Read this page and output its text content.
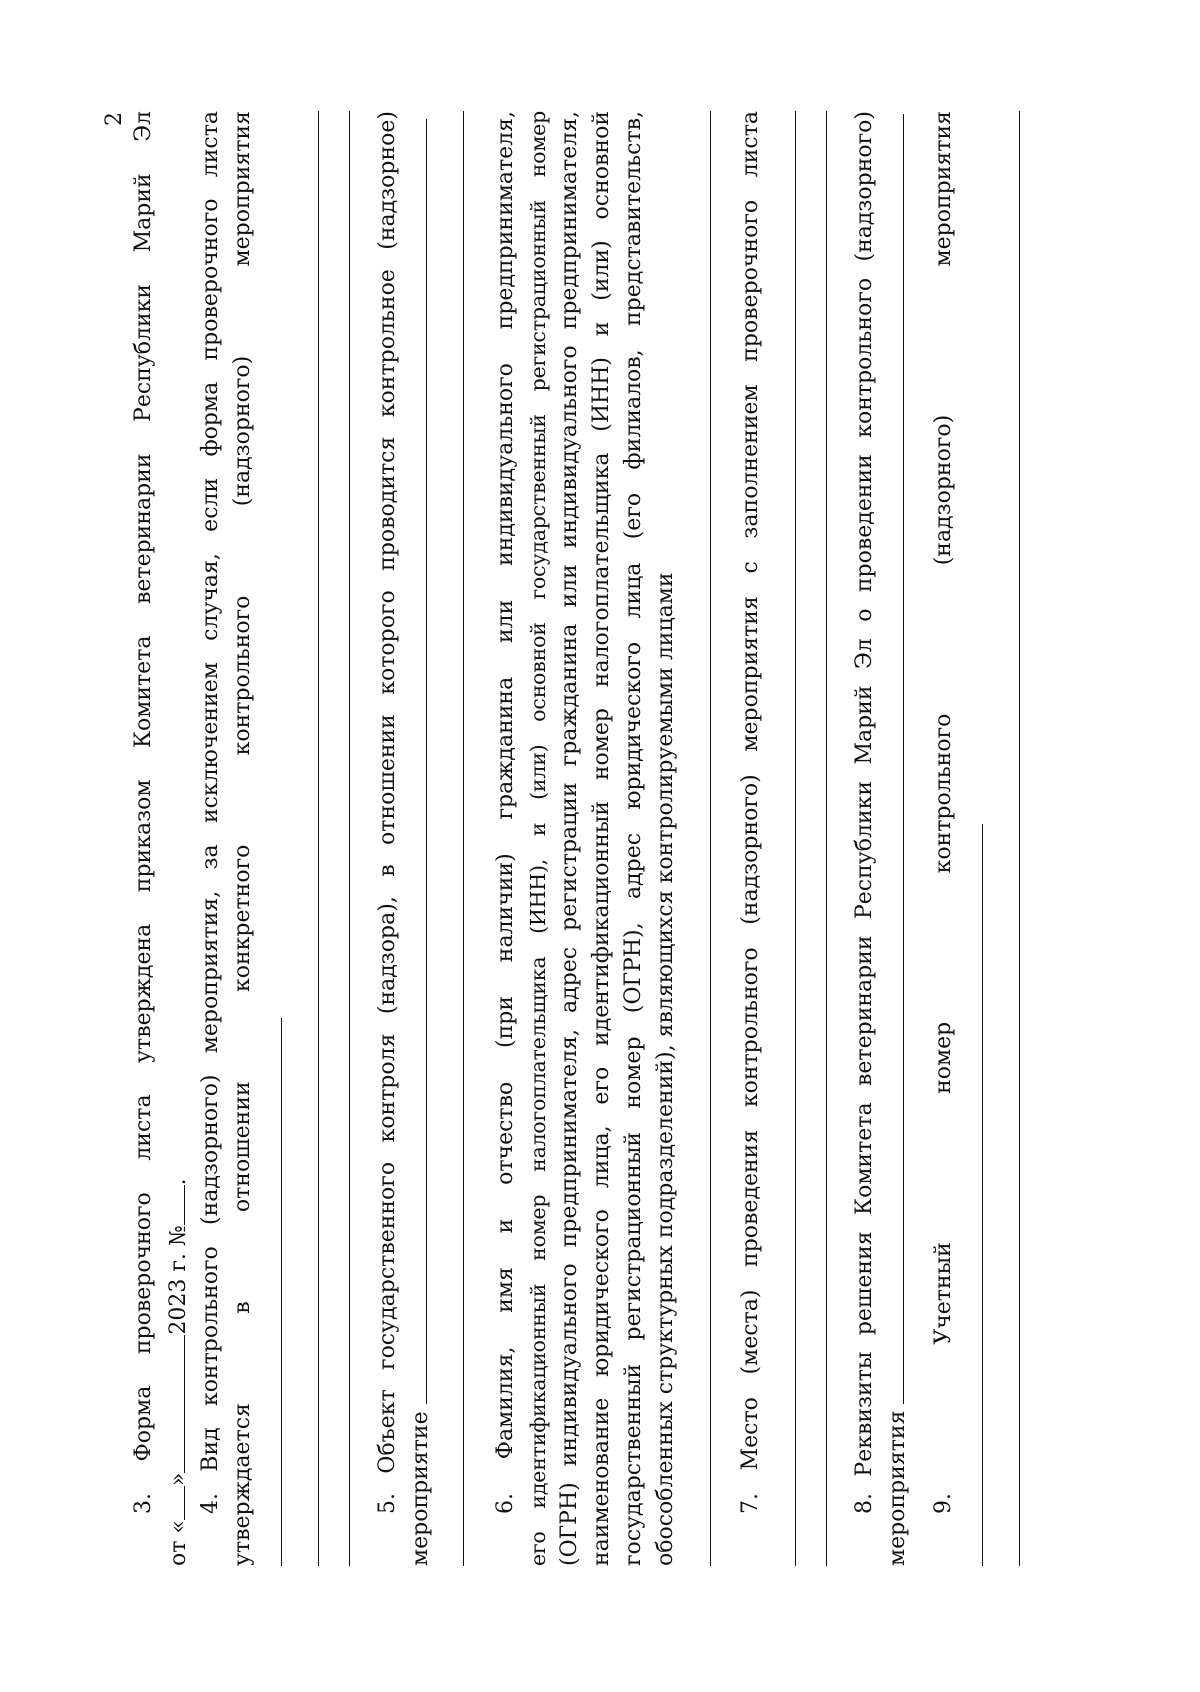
2 3. Форма проверочного листа утверждена приказом Комитета ветеринарии Республики Марий Эл
от «»2023 г. №. 4. Вид контрольного (надзорного) мероприятия, за исключением случая, если форма проверочного листа утверждается в отношении конкретного контрольного (надзорного) мероприятия	5. Объект государственного контроля (надзора), в отношении которого проводится контрольное (надзорное) мероприятие	6. Фамилия, имя и отчество (при наличии) гражданина или индивидуального предпринимателя, его идентификационный номер налогоплательщика (ИНН), и (или) основной государственный регистрационный номер (ОГРН) индивидуального предпринимателя, адрес регистрации гражданина или индивидуального предпринимателя, наименование юридического лица, его идентификационный номер налогоплательщика (ИНН) и (или) основной государственный регистрационный номер (ОГРН), адрес юридического лица (его филиалов, представительств, обособленных структурных подразделений), являющихся контролируемыми лицами	7. Место (места) проведения контрольного (надзорного) мероприятия с заполнением проверочного листа	8. Реквизиты решения Комитета ветеринарии Республики Марий Эл о проведении контрольного (надзорного) мероприятия 9. Учетный номер контрольного (надзорного) мероприятия
